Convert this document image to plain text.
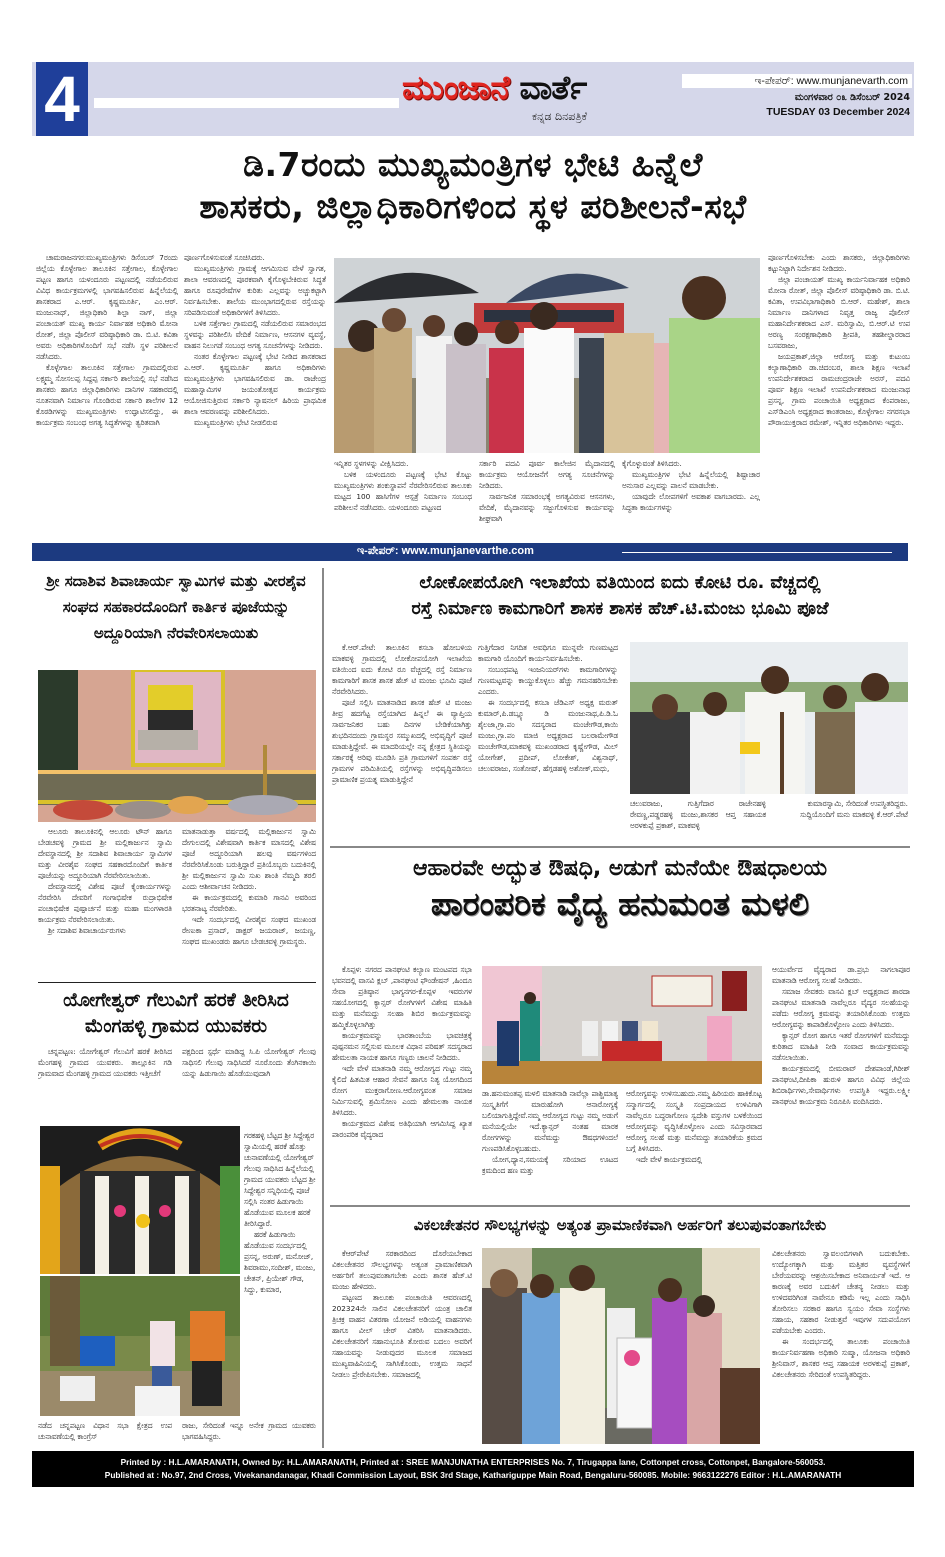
4	ಮುಂಜಾನೆ ವಾರ್ತೆ
ಕನ್ನಡ ದಿನಪತ್ರಿಕೆ
ಇ-ಪೇಪರ್: www.munjanevarth.com
ಮಂಗಳವಾರ ೦೩ ಡಿಸೆಂಬರ್ 2024
TUESDAY 03 December 2024
ಡಿ.7ರಂದು ಮುಖ್ಯಮಂತ್ರಿಗಳ ಭೇಟಿ ಹಿನ್ನೆಲೆ
ಶಾಸಕರು, ಜಿಲ್ಲಾಧಿಕಾರಿಗಳಿಂದ ಸ್ಥಳ ಪರಿಶೀಲನೆ-ಸಭೆ

ಚಾಮರಾಜನಗರ:ಮುಖ್ಯಮಂತ್ರಿಗಳು ಡಿಸೆಂಬರ್ 7ರಂದು ಜಿಲ್ಲೆಯ ಕೊಳ್ಳೇಗಾಲ ತಾಲೂಕಿನ ಸತ್ತೇಗಾಲ, ಕೊಳ್ಳೇಗಾಲ ಪಟ್ಟಣ ಹಾಗೂ ಯಳಂದೂರು ಪಟ್ಟಣದಲ್ಲಿ ನಡೆಯಲಿರುವ ವಿವಿಧ ಕಾರ್ಯಕ್ರಮಗಳಲ್ಲಿ ಭಾಗವಹಿಸಲಿರುವ ಹಿನ್ನೆಲೆಯಲ್ಲಿ ಶಾಸಕರಾದ ಎ.ಆರ್. ಕೃಷ್ಣಮೂರ್ತಿ, ಎಂ.ಆರ್. ಮಂಜುನಾಥ್, ಜಿಲ್ಲಾಧಿಕಾರಿ ಶಿಲ್ಪಾ ನಾಗ್, ಜಿಲ್ಲಾ ಪಂಚಾಯತ್ ಮುಖ್ಯ ಕಾರ್ಯ ನಿರ್ವಾಹಕ ಅಧಿಕಾರಿ ಮೋನಾ ರೋತ್, ಜಿಲ್ಲಾ ಪೊಲೀಸ್ ವರಿಷ್ಠಾಧಿಕಾರಿ ಡಾ. ಬಿ.ಟಿ. ಕವಿತಾ ಅವರು ಅಧಿಕಾರಿಗಳೊಂದಿಗೆ ಸಭೆ ನಡೆಸಿ ಸ್ಥಳ ಪರಿಶೀಲನೆ ನಡೆಸಿದರು.

ಕೊಳ್ಳೇಗಾಲ ತಾಲೂಕಿನ ಸತ್ತೇಗಾಲ ಗ್ರಾಮದಲ್ಲಿರುವ ಲಕ್ಷ್ಮಮ್ಮ ಸೋಸಲಪ್ಪ ಸಿದ್ದಪ್ಪ ಸರ್ಕಾರಿ ಶಾಲೆಯಲ್ಲಿ ಸಭೆ ನಡೆಸಿದ ಶಾಸಕರು ಹಾಗೂ ಜಿಲ್ಲಾಧಿಕಾರಿಗಳು ದಾನಿಗಳ ಸಹಕಾರದಲ್ಲಿ ನೂತನವಾಗಿ ನಿರ್ಮಾಣ ಗೊಂಡಿರುವ ಸರ್ಕಾರಿ ಶಾಲೆಗಳ 12 ಕೊಠಡಿಗಳನ್ನು ಮುಖ್ಯಮಂತ್ರಿಗಳು ಉದ್ಘಾಟಿಸಲಿದ್ದು, ಈ ಕಾರ್ಯಕ್ರಮ ಸಂಬಂಧ ಅಗತ್ಯ ಸಿದ್ಧತೆಗಳನ್ನು ತ್ವರಿತವಾಗಿ

ಪೂರ್ಣಗೊಳಿಸುವಂತೆ ಸೂಚಿಸಿದರು.

ಮುಖ್ಯಮಂತ್ರಿಗಳು ಗ್ರಾಮಕ್ಕೆ ಆಗಮಿಸುವ ವೇಳೆ ಸ್ವಾಗತ, ಶಾಲಾ ಆವರಣದಲ್ಲಿ ಪೂರಕವಾಗಿ ಕೈಗೊಳ್ಳಬೇಕಿರುವ ಸಿದ್ಧತೆ ಹಾಗೂ ರೂಪುರೇಷೆಗಳ ಕುರಿತು ಎಲ್ಲವನ್ನು ಅಚ್ಚುಕಟ್ಟಾಗಿ ನಿರ್ವಹಿಸಬೇಕು. ಶಾಲೆಯ ಮುಂಭಾಗದಲ್ಲಿರುವ ರಸ್ತೆಯನ್ನು ಸರಿಪಡಿಸುವಂತೆ ಅಧಿಕಾರಿಗಳಿಗೆ ತಿಳಿಸಿದರು.

ಬಳಿಕ ಸತ್ತೇಗಾಲ ಗ್ರಾಮದಲ್ಲಿ ನಡೆಯಲಿರುವ ಸಮಾರಂಭದ ಸ್ಥಳವನ್ನು ಪರಿಶೀಲಿಸಿ ವೇದಿಕೆ ನಿರ್ಮಾಣ, ಆಸನಗಳ ವ್ಯವಸ್ಥೆ, ವಾಹನ ನಿಲುಗಡೆ ಸಂಬಂಧ ಅಗತ್ಯ ಸೂಚನೆಗಳನ್ನು ನೀಡಿದರು.

ನಂತರ ಕೊಳ್ಳೇಗಾಲ ಪಟ್ಟಣಕ್ಕೆ ಭೇಟಿ ನೀಡಿದ ಶಾಸಕರಾದ ಎ.ಆರ್. ಕೃಷ್ಣಮೂರ್ತಿ ಹಾಗೂ ಅಧಿಕಾರಿಗಳು ಮುಖ್ಯಮಂತ್ರಿಗಳು ಭಾಗವಹಿಸಲಿರುವ ಡಾ. ರಾಜೇಂದ್ರ ಮಹಾಸ್ವಾಮಿಗಳ ಜಯಂತೋತ್ಸವ ಕಾರ್ಯಕ್ರಮ ಆಯೋಜಿಸುತ್ತಿರುವ ಸರ್ಕಾರಿ ನ್ಯಾಷನಲ್ ಹಿರಿಯ ಪ್ರಾಥಮಿಕ ಶಾಲಾ ಆವರಣವನ್ನು ಪರಿಶೀಲಿಸಿದರು.

ಮುಖ್ಯಮಂತ್ರಿಗಳು ಭೇಟಿ ನೀಡಲಿರುವ

ಇನ್ನಿತರ ಸ್ಥಳಗಳನ್ನು ವೀಕ್ಷಿಸಿದರು.

ಬಳಿಕ ಯಳಂದೂರು ಪಟ್ಟಣಕ್ಕೆ ಭೇಟಿ ಕೊಟ್ಟು ಮುಖ್ಯಮಂತ್ರಿಗಳು ಶಂಕುಸ್ಥಾಪನೆ ನೆರವೇರಿಸಲಿರುವ ತಾಲೂಕು ಮಟ್ಟದ 100 ಹಾಸಿಗೆಗಳ ಆಸ್ಪತ್ರೆ ನಿರ್ಮಾಣ ಸಂಬಂಧ ಪರಿಶೀಲನೆ ನಡೆಸಿದರು. ಯಳಂದೂರು ಪಟ್ಟಣದ

ಸರ್ಕಾರಿ ಪದವಿ ಪೂರ್ವ ಕಾಲೇಜಿನ ಮೈದಾನದಲ್ಲಿ ಕಾರ್ಯಕ್ರಮ ಆಯೋಜನೆಗೆ ಅಗತ್ಯ ಸೂಚನೆಗಳನ್ನು ನೀಡಿದರು.

ಸಾರ್ವಜನಿಕ ಸಮಾರಂಭಕ್ಕೆ ಅಗತ್ಯವಿರುವ ಆಸನಗಳು, ವೇದಿಕೆ, ಮೈದಾನವನ್ನು ಸಜ್ಜುಗೊಳಿಸುವ ಕಾರ್ಯವನ್ನು ಶೀಘ್ರವಾಗಿ

ಕೈಗೊಳ್ಳುವಂತೆ ತಿಳಿಸಿದರು.

ಮುಖ್ಯಮಂತ್ರಿಗಳ ಭೇಟಿ ಹಿನ್ನೆಲೆಯಲ್ಲಿ ಶಿಷ್ಟಾಚಾರ ಅನುಸಾರ ಎಲ್ಲವನ್ನು ಪಾಲನೆ ಮಾಡಬೇಕು.

ಯಾವುದೇ ಲೋಪಗಳಿಗೆ ಅವಕಾಶ ವಾಗಬಾರದು. ಎಲ್ಲ ಸಿದ್ಧತಾ ಕಾರ್ಯಗಳನ್ನು

ಪೂರ್ಣಗೊಳಿಸಬೇಕು ಎಂದು ಶಾಸಕರು, ಜಿಲ್ಲಾಧಿಕಾರಿಗಳು ಕಟ್ಟುನಿಟ್ಟಾಗಿ ನಿರ್ದೇಶನ ನೀಡಿದರು.

ಜಿಲ್ಲಾ ಪಂಚಾಯತ್ ಮುಖ್ಯ ಕಾರ್ಯನಿರ್ವಾಹಕ ಅಧಿಕಾರಿ ಮೋನಾ ರೋತ್, ಜಿಲ್ಲಾ ಪೊಲೀಸ್ ವರಿಷ್ಠಾಧಿಕಾರಿ ಡಾ. ಬಿ.ಟಿ. ಕವಿತಾ, ಉಪವಿಭಾಗಾಧಿಕಾರಿ ಬಿ.ಆರ್. ಮಹೇಶ್, ಶಾಲಾ ನಿರ್ಮಾಣ ದಾನಿಗಳಾದ ನಿವೃತ್ತ ರಾಜ್ಯ ಪೊಲೀಸ್ ಮಹಾನಿರ್ದೇಶಕರಾದ ಎಸ್. ಮರಿಸ್ವಾಮಿ, ಬಿ.ಆರ್.ಟಿ ಉಪ ಅರಣ್ಯ ಸಂರಕ್ಷಣಾಧಿಕಾರಿ ಶ್ರೀಪತಿ, ತಹಶೀಲ್ದಾರರಾದ ಬಸವರಾಜು,

ಜಯಪ್ರಕಾಶ್,ಜಿಲ್ಲಾ ಆರೋಗ್ಯ ಮತ್ತು ಕುಟುಂಬ ಕಲ್ಯಾಣಾಧಿಕಾರಿ ಡಾ.ಚಿದಂಬರ, ಶಾಲಾ ಶಿಕ್ಷಣ ಇಲಾಖೆ ಉಪನಿರ್ದೇಶಕರಾದ ರಾಮಚಂದ್ರರಾಜೇ ಅರಸ್, ಪದವಿ ಪೂರ್ವ ಶಿಕ್ಷಣ ಇಲಾಖೆ ಉಪನಿರ್ದೇಶಕರಾದ ಮಂಜುನಾಥ ಪ್ರಸನ್ನ, ಗ್ರಾಮ ಪಂಚಾಯಿತಿ ಅಧ್ಯಕ್ಷರಾದ ಕೆಂಪರಾಜು, ಎಸ್‌ಡಿಎಂಸಿ ಅಧ್ಯಕ್ಷರಾದ ಕಾಂತರಾಜು, ಕೊಳ್ಳೇಗಾಲ ನಗರಸಭಾ ಪೌರಾಯುಕ್ತರಾದ ರಮೇಶ್, ಇನ್ನಿತರ ಅಧಿಕಾರಿಗಳು ಇದ್ದರು.

ಇ-ಪೇಪರ್: www.munjanevarthe.com
ಶ್ರೀ ಸದಾಶಿವ ಶಿವಾಚಾರ್ಯ ಸ್ವಾಮಿಗಳ ಮತ್ತು ವೀರಶೈವ ಸಂಘದ ಸಹಕಾರದೊಂದಿಗೆ ಕಾರ್ತಿಕ ಪೂಜೆಯನ್ನು ಅದ್ದೂರಿಯಾಗಿ ನೆರವೇರಿಸಲಾಯಿತು

ಆಲೂರು ತಾಲೂಕಿನಲ್ಲಿ ಆಲೂರು ಟೌನ್ ಹಾಗೂ ಬೇಡಚವಳ್ಳಿ ಗ್ರಾಮದ ಶ್ರೀ ಮಲ್ಲಿಕಾರ್ಜುನ ಸ್ವಾಮಿ ದೇವಸ್ಥಾನದಲ್ಲಿ ಶ್ರೀ ಸದಾಶಿವ ಶಿವಾಚಾರ್ಯ ಸ್ವಾಮಿಗಳ ಮತ್ತು ವೀರಶೈವ ಸಂಘದ ಸಹಕಾರದೊಂದಿಗೆ ಕಾರ್ತಿಕ ಪೂಜೆಯನ್ನು ಅದ್ದೂರಿಯಾಗಿ ನೆರವೇರಿಸಲಾಯಿತು.

ದೇವಸ್ಥಾನದಲ್ಲಿ ವಿಶೇಷ ಪೂಜೆ ಕೈಂಕಾರ್ಯಗಳನ್ನು ನೆರವೇರಿಸಿ ದೇವರಿಗೆ ಗಂಗಾಭಿಷೇಕ ರುದ್ರಾಭಿಷೇಕ ಪಂಚಾಭಿಷೇಕ ಪುಷ್ಪಾರ್ಚನೆ ಮತ್ತು ಮಹಾ ಮಂಗಳಾರತಿ ಕಾರ್ಯಕ್ರಮ ನೆರವೇರಿಸಲಾಯಿತು.

ಶ್ರೀ ಸದಾಶಿವ ಶಿವಾಚಾರ್ಯರುಗಳು

ಮಾತನಾಡುತ್ತಾ ವರ್ಷದಲ್ಲಿ ಮಲ್ಲಿಕಾರ್ಜುನ ಸ್ವಾಮಿ ದೇಗುಲದಲ್ಲಿ ವಿಶೇಷವಾಗಿ ಕಾರ್ತಿಕ ಮಾಸದಲ್ಲಿ ವಿಶೇಷ ಪೂಜೆ ಅದ್ದೂರಿಯಾಗಿ ಹಲವು ವರ್ಷಗಳಿಂದ ನೆರವೇರಿಸಿಕೊಂಡು ಬರುತ್ತಿದ್ದಾರೆ ಪ್ರತಿಯೊಬ್ಬರು ಬದುಕಿನಲ್ಲಿ ಶ್ರೀ ಮಲ್ಲಿಕಾರ್ಜುನ ಸ್ವಾಮಿ ಸುಖ ಶಾಂತಿ ನೆಮ್ಮದಿ ತರಲಿ ಎಂದು ಆಶೀರ್ವಾಚನ ನೀಡಿದರು.

ಈ ಕಾರ್ಯಕ್ರಮದಲ್ಲಿ ಕುಮಾರಿ ಗಾನವಿ ಅವರಿಂದ ಭರತನಾಟ್ಯ ನೆರವೇರಿತು.

ಇದೇ ಸಂದರ್ಭದಲ್ಲಿ ವೀರಶೈವ ಸಂಘದ ಮುಖಂಡ ರೇಣುಕಾ ಪ್ರಸಾದ್, ಡಾಕ್ಟರ್ ಜಯರಾಜ್, ಜಯಣ್ಣ, ಸಂಘದ ಮುಖಂಡರು ಹಾಗೂ ಬೇಡಚವಳ್ಳಿ ಗ್ರಾಮಸ್ಥರು.

ಯೋಗೇಶ್ವರ್ ಗೆಲುವಿಗೆ ಹರಕೆ ತೀರಿಸಿದ
ಮೆಂಗಹಳ್ಳಿ ಗ್ರಾಮದ ಯುವಕರು

ಚನ್ನಪಟ್ಟಣ: ಯೋಗೇಶ್ವರ್ ಗೆಲುವಿಗೆ ಹರಕೆ ತೀರಿಸಿದ ಮೆಂಗಹಳ್ಳಿ ಗ್ರಾಮದ ಯುವಕರು. ತಾಲ್ಲೂಕಿನ ಗಡಿ ಗ್ರಾಮವಾದ ಮೆಂಗಹಳ್ಳಿ ಗ್ರಾಮದ ಯುವಕರು ಇತ್ತೀಚೆಗೆ

ಪಕ್ಷದಿಂದ ಸ್ಪರ್ಧೆ ಮಾಡಿದ್ದ ಸಿ.ಪಿ ಯೋಗೇಶ್ವರ್ ಗೆಲುವು ಸಾಧಿಸಲಿ ಗೆಲುವು ಸಾಧಿಸಿದರೆ ನೂರೊಂದು ತೆಂಗಿನಕಾಯಿ ಯನ್ನು ಹಿಡುಗಾಯಿ ಹೊಡೆಯುವುದಾಗಿ

ಗರಕಹಳ್ಳಿ ಬೆಟ್ಟದ ಶ್ರೀ ಸಿದ್ದೇಶ್ವರ ಸ್ವಾಮಿಯಲ್ಲಿ ಹರಕೆ ಹೊತ್ತು ಚುನಾವಣೆಯಲ್ಲಿ ಯೋಗೇಶ್ವರ್ ಗೆಲುವು ಸಾಧಿಸಿದ ಹಿನ್ನೆಲೆಯಲ್ಲಿ ಗ್ರಾಮದ ಯುವಕರು ಬೆಟ್ಟದ ಶ್ರೀ ಸಿದ್ದೇಶ್ವರ ಸನ್ನಿಧಿಯಲ್ಲಿ ಪೂಜೆ ಸಲ್ಲಿಸಿ ನಂತರ ಹಿಡುಗಾಯಿ ಹೊಡೆಯುವ ಮೂಲಕ ಹರಕೆ ತೀರಿಸಿದ್ದಾರೆ.

ಹರಕೆ ಹಿಡುಗಾಯಿ ಹೊಡೆಯುವ ಸಂದರ್ಭದಲ್ಲಿ ಪ್ರಸನ್ನ, ಅರುಣ್, ಮನೋಜ್, ಶಿವರಾಮು,ಸಂದೀಶ್, ಮಂಜು, ಚೇತನ್, ಪ್ರಿಯೇಶ್ ಗೌಡ, ಸಿದ್ದು, ಕುಮಾರ,

ನಡೆದ ಚನ್ನಪಟ್ಟಣ ವಿಧಾನ ಸಭಾ ಕ್ಷೇತ್ರದ ಉಪ ಚುನಾವಣೆಯಲ್ಲಿ ಕಾಂಗ್ರೆಸ್

ರಾಜು, ಸೇರಿದಂತೆ ಇನ್ನೂ ಅನೇಕ ಗ್ರಾಮದ ಯುವಕರು ಭಾಗವಹಿಸಿದ್ದರು.

ಲೋಕೋಪಯೋಗಿ ಇಲಾಖೆಯ ವತಿಯಿಂದ ಐದು ಕೋಟಿ ರೂ. ವೆಚ್ಚದಲ್ಲಿ
ರಸ್ತೆ ನಿರ್ಮಾಣ ಕಾಮಗಾರಿಗೆ ಶಾಸಕ ಶಾಸಕ ಹೆಚ್.ಟಿ.ಮಂಜು ಭೂಮಿ ಪೂಜೆ

ಕೆ.ಆರ್.ಪೇಟೆ: ತಾಲೂಕಿನ ಕಸಬಾ ಹೋಬಳಿಯ ಮಾಕವಳ್ಳಿ ಗ್ರಾಮದಲ್ಲಿ ಲೋಕೋಪಯೋಗಿ ಇಲಾಖೆಯ ವತಿಯಿಂದ ಐದು ಕೋಟಿ ರೂ ವೆಚ್ಚದಲ್ಲಿ ರಸ್ತೆ ನಿರ್ಮಾಣ ಕಾಮಗಾರಿಗೆ ಶಾಸಕ ಶಾಸಕ ಹೆಚ್ ಟಿ ಮಂಜು ಭೂಮಿ ಪೂಜೆ ನೆರವೇರಿಸಿದರು.

ಪೂಜೆ ಸಲ್ಲಿಸಿ ಮಾತನಾಡಿದ ಶಾಸಕ ಹೆಚ್ ಟಿ ಮಂಜು ತೀವ್ರ ಹದಗೆಟ್ಟ ರಸ್ತೆಯಾಗಿದ ಹಿನ್ನಲೆ ಈ ವ್ಯಾಪ್ತಿಯ ಸಾರ್ವಜನಿಕರ ಬಹು ದಿನಗಳ ಬೇಡಿಕೆಯಾಗಿತ್ತು ಶುಭದಿನದಂದು ಗ್ರಾಮಸ್ಥರ ಸಮ್ಮುಖದಲ್ಲಿ ಅಭಿವೃದ್ಧಿಗೆ ಪೂಜೆ ಮಾಡುತ್ತಿದ್ದೇವೆ. ಈ ಮಾದರಿಯಲ್ಲೇ ನನ್ನ ಕ್ಷೇತ್ರದ ಸ್ಥಿತಿಯನ್ನು ಸರ್ಕಾರಕ್ಕೆ ಅರಿವು ಮೂಡಿಸಿ ಪ್ರತಿ ಗ್ರಾಮಗಳಿಗೆ ಸಂಪರ್ಕ ರಸ್ತೆ ಗ್ರಾಮಗಳ ಪರಿಮಿತಿಯಲ್ಲಿ ರಸ್ತೆಗಳನ್ನು ಅಭಿವೃದ್ಧಿಪಡಿಸಲು ಪ್ರಾಮಾಣಿಕ ಪ್ರಯತ್ನ ಮಾಡುತ್ತಿದ್ದೇನೆ

ಗುತ್ತಿಗೆದಾರ ನಿಗದಿತ ಅವಧಿಗೂ ಮುನ್ನವೇ ಗುಣಮಟ್ಟದ ಕಾಮಗಾರಿ ಯೊಂದಿಗೆ ಕಾರ್ಯನಿರ್ವಹಿಸಬೇಕು.

ಸಂಬಂಧಪಟ್ಟ ಇಂಜನಿಯರ್‌ಗಳು ಕಾಮಗಾರಿಗಳನ್ನು ಗುಣಮಟ್ಟವನ್ನು ಕಾಯ್ದುಕೊಳ್ಳಲು ಹೆಚ್ಚು ಗಮನಹರಿಸಬೇಕು ಎಂದರು.

ಈ ಸಂದರ್ಭದಲ್ಲಿ ಕಸಬಾ ಜೆಡಿಎಸ್ ಅಧ್ಯಕ್ಷ ಮರುತ್ ಕುಮಾರ್,ಪಿ.ಡಬ್ಲ್ಯೂ ಡಿ ಮಂಜುನಾಥ,ಪಿ.ಡಿ.ಓ ಶೈಲಜಾ,ಗ್ರಾ.ಪಂ ಸದಸ್ಯರಾದ ಮಂಜೇಗೌಡ,ಕಾಯಿ ಮಂಜು,ಗ್ರಾ.ಪಂ ಮಾಜಿ ಅಧ್ಯಕ್ಷರಾದ ಬಲರಾಮೇಗೌಡ ಮಂಚೇಗೌಡ,ಮಾಕವಳ್ಳಿ ಮುಖಂಡರಾದ ಕೃಷ್ಣೇಗೌಡ, ಮಿಲ್ ಯೋಗೇಶ್, ಪ್ರದೀಪ್, ಲೋಕೇಶ್, ವಿಶ್ವನಾಥ್, ಚಲುವರಾಜು, ಸಂತೋಷ್, ಹೆಗ್ಗಡಹಳ್ಳಿ ಅಶೋಕ್,ಮಧು,

ಚಲುವರಾಜು, ಗುತ್ತಿಗೆದಾರ ರಾಜೇನಹಳ್ಳಿ ರೇವಣ್ಣ,ಪಡ್ಡರಹಳ್ಳಿ ಮಂಜು,ಶಾಸಕರ ಆಪ್ತ ಸಹಾಯಕ ಅರಳಕುಪ್ಪೆ ಪ್ರಕಾಶ್, ಮಾಕವಳ್ಳಿ

ಕುಮಾರಸ್ವಾಮಿ, ಸೇರಿದಂತೆ ಉಪಸ್ಥಿತರಿದ್ದರು.

ಸುದ್ದಿಯೊಂದಿಗೆ ಮನು ಮಾಕವಳ್ಳಿ ಕೆ.ಆರ್.ಪೇಟೆ

ಆಹಾರವೇ ಅದ್ಭುತ ಔಷಧಿ, ಅಡುಗೆ ಮನೆಯೇ ಔಷಧಾಲಯ
ಪಾರಂಪರಿಕ ವೈದ್ಯ ಹನುಮಂತ ಮಳಲಿ

ಕೊಪ್ಪಳ: ನಗರದ ಪಾನಘಂಟಿ ಕಲ್ಯಾಣ ಮಂಟಪದ ಸಭಾ ಭವನದಲ್ಲಿ ವಾಸವಿ ಕ್ಲಬ್ ,ಪಾನಘಂಟಿ ಫೌಂಡೇಷನ್ ,ಹಿಂದೂ ಸೇವಾ ಪ್ರತಿಷ್ಠಾನ ಭಾಗ್ಯನಗರ-ಕೊಪ್ಪಳ ಇವರುಗಳ ಸಹಯೋಗದಲ್ಲಿ ಕ್ಯಾನ್ಸರ್ ರೋಗಿಗಳಿಗೆ ವಿಶೇಷ ಮಾಹಿತಿ ಮತ್ತು ಮನೆಮದ್ದು ಸಲಹಾ ಶಿಬಿರ ಕಾರ್ಯಕ್ರಮವನ್ನು ಹಮ್ಮಿಕೊಳ್ಳಲಾಗಿತ್ತು

ಕಾರ್ಯಕ್ರಮವನ್ನು ಭಾರತಾಂಬೆಯ ಭಾವಚಿತ್ರಕ್ಕೆ ಪುಷ್ಪನಮನ ಸಲ್ಲಿಸುವ ಮೂಲಕ ವಿಧಾನ ಪರಿಷತ್ ಸದಸ್ಯರಾದ ಹೇಮಲತಾ ನಾಯಕ ಹಾಗೂ ಗಣ್ಯರು ಚಾಲನೆ ನೀಡಿದರು.

ಇದೇ ವೇಳೆ ಮಾತನಾಡಿ ನಮ್ಮ ಆರೋಗ್ಯದ ಗುಟ್ಟು ನಮ್ಮ ಕೈಲಿದೆ ಹಿತಮಿತ ಆಹಾರ ಸೇವನೆ ಹಾಗೂ ನಿತ್ಯ ಯೋಗದಿಂದ ರೋಗ ಮುಕ್ತರಾಗೋಣ.ಆರೋಗ್ಯವಂತ ಸಮಾಜ ನಿರ್ಮಿಸುವಲ್ಲಿ ಶ್ರಮಿಸೋಣ ಎಂದು ಹೇಮಲತಾ ನಾಯಕ ತಿಳಿಸಿದರು.

ಕಾರ್ಯಕ್ರಮದ ವಿಶೇಷ ಅತಿಥಿಯಾಗಿ ಆಗಮಿಸಿದ್ದ ಖ್ಯಾತ ಪಾರಂಪರಿಕ ವೈದ್ಯರಾದ

ಡಾ.ಹನುಮಂತಪ್ಪ ಮಳಲಿ ಮಾತನಾಡಿ ನಾವೆಲ್ಲಾ ಪಾಶ್ಚಿಮಾತ್ಯ ಸಂಸ್ಕೃತಿಗೆಗೆ ಮಾರುಹೋಗಿ ಆನಾರೋಗ್ಯಕ್ಕೆ ಬಲಿಯಾಗುತ್ತಿದ್ದೇವೆ.ನಮ್ಮ ಆರೋಗ್ಯದ ಗುಟ್ಟು ನಮ್ಮ ಅಡುಗೆ ಮನೆಯಲ್ಲಿಯೇ ಇದೆ.ಕ್ಯಾನ್ಸರ್ ನಂತಹ ಮಾರಕ ರೋಗಗಳನ್ನು ಮನೆಮದ್ದು ಔಷಧಗಳಿಂದಲೆ ಗುಣಪಡಿಸಿಕೊಳ್ಳಬಹುದು.

ಯೋಗ,ಧ್ಯಾನ,ಸಮಯಕ್ಕೆ ಸರಿಯಾದ ಊಟದ ಕ್ರಮದಿಂದ ಹಣ ಮತ್ತು

ಆರೋಗ್ಯವನ್ನು ಉಳಿಸಬಹುದು.ನಮ್ಮ ಹಿರಿಯರು ಹಾಕಿಕೊಟ್ಟ ಸನ್ಮಾರ್ಗದಲ್ಲಿ ಸಂಸ್ಕೃತಿ ಸಂಪ್ರದಾಯದ ಉಳಿವಿಗಾಗಿ ನಾವೆಲ್ಲರೂ ಬದ್ಧರಾಗೋಣ ಸ್ವದೇಶಿ ವಸ್ತುಗಳ ಬಳಕೆಯಿಂದ ಆರೋಗ್ಯವನ್ನು ವೃದ್ಧಿಸಿಕೊಳ್ಳೋಣ ಎಂದು ಸವಿಸ್ತಾರವಾದ ಆರೋಗ್ಯ ಸಲಹೆ ಮತ್ತು ಮನೆಮದ್ದು ತಯಾರಿಕೆಯ ಕ್ರಮದ ಬಗ್ಗೆ ತಿಳಿಸಿದರು.

ಇದೇ ವೇಳೆ ಕಾರ್ಯಕ್ರಮದಲ್ಲಿ

ಆಯುರ್ವೇದ ವೈದ್ಯರಾದ ಡಾ.ಪ್ರಭು ನಾಗಲಾಪೂರ ಮಾತನಾಡಿ ಆರೋಗ್ಯ ಸಲಹೆ ನೀಡಿದರು.

ಸಮಾಜ ಸೇವಕರು ವಾಸವಿ ಕ್ಲಬ್ ಅಧ್ಯಕ್ಷರಾದ ಶಾರದಾ ಪಾನಘಂಟಿ ಮಾತನಾಡಿ ನಾವೆಲ್ಲರೂ ವೈದ್ಯರ ಸಲಹೆಯನ್ನು ಪಡೆದು ಆರೋಗ್ಯ ಕ್ರಮವನ್ನು ತಯಾರಿಸಿಕೊಂಡು ಉತ್ತಮ ಆರೋಗ್ಯವನ್ನು ಕಾಪಾಡಿಕೊಳ್ಳೋಣ ಎಂದು ತಿಳಿಸಿದರು.

ಕ್ಯಾನ್ಸರ್ ರೋಗ ಹಾಗೂ ಇತರೆ ರೋಗಗಳಿಗೆ ಮನೆಮದ್ದು ಕುರಿತಾದ ಮಾಹಿತಿ ನೀಡಿ ಸಂವಾದ ಕಾರ್ಯಕ್ರಮವನ್ನು ನಡೆಸಲಾಯಿತು.

ಕಾರ್ಯಕ್ರಮದಲ್ಲಿ ಬೀಮರಾವ್ ದೇಶಪಾಂಡೆ,ಗಿರೀಶ್ ಪಾನಘಂಟಿ,ದೀಪಿಕಾ ಹುರುಳಿ ಹಾಗೂ ವಿವಿಧ ಜಿಲ್ಲೆಯ ಶಿಬಿರಾರ್ಥಿಗಳು,ಸೇವಾರ್ಥಿಗಳು ಉಪಸ್ಥಿತಿ ಇದ್ದರು.ಲಕ್ಷ್ಮೀ ಪಾನಘಂಟಿ ಕಾರ್ಯಕ್ರಮ ನಿರೂಪಿಸಿ ವಂದಿಸಿದರು.

ವಿಕಲಚೇತನರ ಸೌಲಭ್ಯಗಳನ್ನು ಅತ್ಯಂತ ಪ್ರಾಮಾಣಿಕವಾಗಿ ಅರ್ಹರಿಗೆ ತಲುಪುವಂತಾಗಬೇಕು

ಕೆಆರ್‌ಪೇಟೆ ಸರಕಾರದಿಂದ ದೊರೆಯಬೇಕಾದ ವಿಕಲಚೇತನರ ಸೌಲಭ್ಯಗಳನ್ನು ಅತ್ಯಂತ ಪ್ರಾಮಾಣಿಕವಾಗಿ ಅರ್ಹರಿಗೆ ತಲುಪುವಂತಾಗಬೇಕು ಎಂದು ಶಾಸಕ ಹೆಚ್.ಟಿ ಮಂಜು ಹೇಳಿದರು.

ಪಟ್ಟಣದ ತಾಲೂಕು ಪಂಚಾಯಿತಿ ಆವರಣದಲ್ಲಿ 202324ನೇ ಸಾಲಿನ ವಿಕಲಚೇತನರಿಗೆ ಯಂತ್ರ ಚಾಲಿತ ತ್ರಿಚಕ್ರ ವಾಹನ ವಿತರಣಾ ಯೋಜನೆ ಅಡಿಯಲ್ಲಿ ವಾಹನಗಳು ಹಾಗೂ ವೀಲ್ ಚೇರ್ ವಿತರಿಸಿ ಮಾತನಾಡಿದರು. ವಿಕಲಚೇತನರಿಗೆ ಸಹಾನುಭೂತಿ ತೋರುವ ಬದಲು ಅವರಿಗೆ ಸಹಾಯವನ್ನು ನೀಡುವುದರ ಮೂಲಕ ಸಮಾಜದ ಮುಖ್ಯವಾಹಿನಿಯಲ್ಲಿ ಸಾಗಿಸಿಕೊಂಡು, ಉತ್ತಮ ಸಾಧನೆ ನೀಡಲು ಪ್ರೇರೇಪಿಸಬೇಕು. ಸಮಾಜದಲ್ಲಿ

ವಿಕಲಚೇತನರು ಸ್ವಾವಲಂಬಿಗಳಾಗಿ ಬದುಕಬೇಕು. ಉದ್ಯೋಗಕ್ಕಾಗಿ ಮತ್ತು ಮತ್ತಿತರ ವ್ಯವಸ್ಥೆಗಳಿಗೆ ಬೇರೆಯವರನ್ನು ಆಶ್ರಯಿಸಬೇಕಾದ ಅನಿವಾರ್ಯತೆ ಇದೆ. ಆ ಕಾರಣಕ್ಕೆ ಅವರ ಬದುಕಿಗೆ ಚೇತನ್ಯ ನೀಡಲು ಮತ್ತು ಉಳಿದವರಿಗಿಂತ ನಾವೇನೂ ಕಡಿಮೆ ಇಲ್ಲ ಎಂದು ಸಾಧಿಸಿ ತೋರಿಸಲು ಸರಕಾರ ಹಾಗೂ ಸ್ವಯಂ ಸೇವಾ ಸಂಸ್ಥೆಗಳು ಸಹಾಯ, ಸಹಕಾರ ನೀಡುತ್ತವೆ ಇವುಗಳ ಸದುಪಯೋಗ ಪಡೆಯಬೇಕು ಎಂದರು.

ಈ ಸಂದರ್ಭದಲ್ಲಿ ತಾಲೂಕು ಪಂಚಾಯಿತಿ ಕಾರ್ಯನಿರ್ವಹಣಾ ಅಧಿಕಾರಿ ಸುಷ್ಮಾ, ಯೋಜನಾ ಅಧಿಕಾರಿ ಶ್ರೀನಿವಾಸ್, ಶಾಸಕರ ಆಪ್ತ ಸಹಾಯಕ ಅರಳಕುಪ್ಪೆ ಪ್ರಕಾಶ್, ವಿಕಲಚೇತನರು ಸೇರಿದಂತೆ ಉಪಸ್ಥಿತರಿದ್ದರು.

Printed by : H.L.AMARANATH, Owned by: H.L.AMARANATH, Printed at : SREE MANJUNATHA ENTERPRISES No. 7, Tirugappa lane, Cottonpet cross, Cottonpet, Bangalore-560053.
Published at : No.97, 2nd Cross, Vivekanandanagar, Khadi Commission Layout, BSK 3rd Stage, Kathariguppe Main Road, Bengaluru-560085. Mobile: 9663122276 Editor : H.L.AMARANATH
